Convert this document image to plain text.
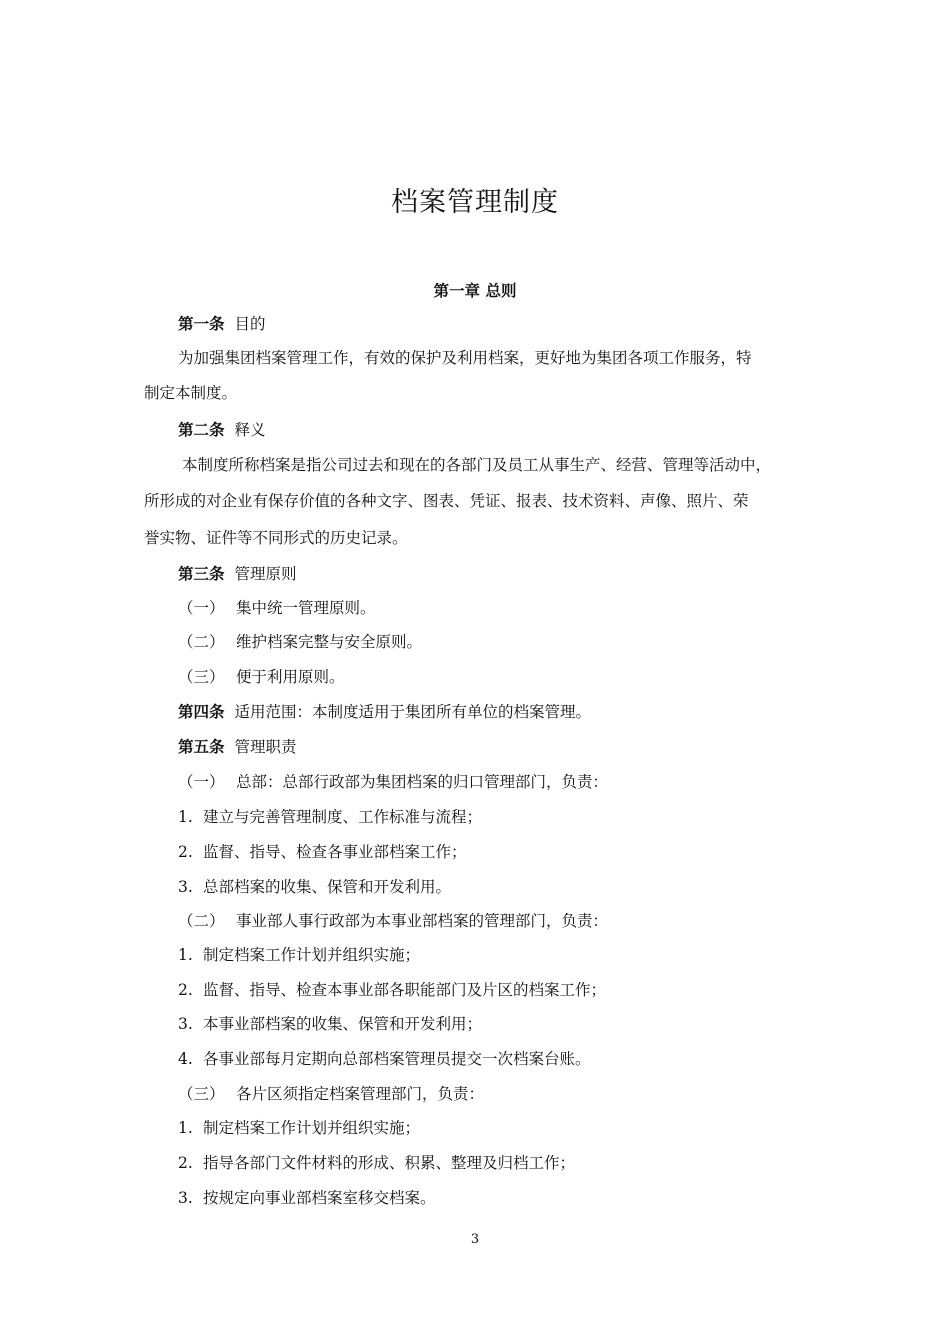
档案管理制度
第一章 总则
第一条 目的
为加强集团档案管理工作，有效的保护及利用档案，更好地为集团各项工作服务，特
制定本制度。
第二条 释义
本制度所称档案是指公司过去和现在的各部门及员工从事生产、经营、管理等活动中，
所形成的对企业有保存价值的各种文字、图表、凭证、报表、技术资料、声像、照片、荣
誉实物、证件等不同形式的历史记录。
第三条 管理原则
（一） 集中统一管理原则。
（二） 维护档案完整与安全原则。
（三） 便于利用原则。
第四条 适用范围：本制度适用于集团所有单位的档案管理。
第五条 管理职责
（一） 总部：总部行政部为集团档案的归口管理部门，负责：
1. 建立与完善管理制度、工作标准与流程；
2. 监督、指导、检查各事业部档案工作；
3. 总部档案的收集、保管和开发利用。
（二） 事业部人事行政部为本事业部档案的管理部门，负责：
1. 制定档案工作计划并组织实施；
2. 监督、指导、检查本事业部各职能部门及片区的档案工作；
3. 本事业部档案的收集、保管和开发利用；
4. 各事业部每月定期向总部档案管理员提交一次档案台账。
（三） 各片区须指定档案管理部门，负责：
1. 制定档案工作计划并组织实施；
2. 指导各部门文件材料的形成、积累、整理及归档工作；
3. 按规定向事业部档案室移交档案。
3
